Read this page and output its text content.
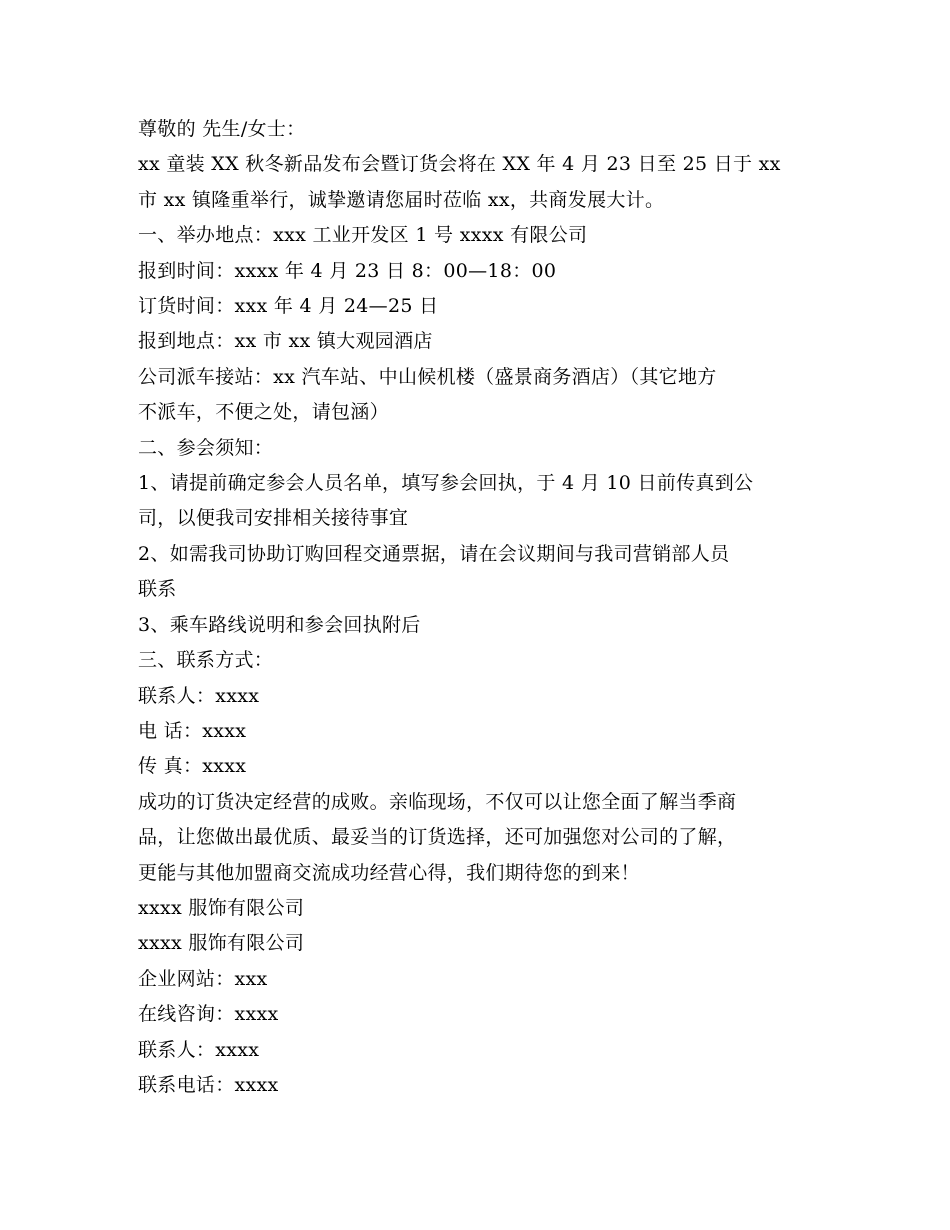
尊敬的 先生/女士：
xx 童装 XX 秋冬新品发布会暨订货会将在 XX 年 4 月 23 日至 25 日于 xx
市 xx 镇隆重举行，诚挚邀请您届时莅临 xx，共商发展大计。
一、举办地点：xxx 工业开发区 1 号 xxxx 有限公司
报到时间：xxxx 年 4 月 23 日 8：00—18：00
订货时间：xxx 年 4 月 24—25 日
报到地点：xx 市 xx 镇大观园酒店
公司派车接站：xx 汽车站、中山候机楼（盛景商务酒店）（其它地方
不派车，不便之处，请包涵）
二、参会须知：
1、请提前确定参会人员名单，填写参会回执，于 4 月 10 日前传真到公
司，以便我司安排相关接待事宜
2、如需我司协助订购回程交通票据，请在会议期间与我司营销部人员
联系
3、乘车路线说明和参会回执附后
三、联系方式：
联系人：xxxx
电 话：xxxx
传 真：xxxx
成功的订货决定经营的成败。亲临现场，不仅可以让您全面了解当季商
品，让您做出最优质、最妥当的订货选择，还可加强您对公司的了解，
更能与其他加盟商交流成功经营心得，我们期待您的到来！
xxxx 服饰有限公司
xxxx 服饰有限公司
企业网站：xxx
在线咨询：xxxx
联系人：xxxx
联系电话：xxxx
